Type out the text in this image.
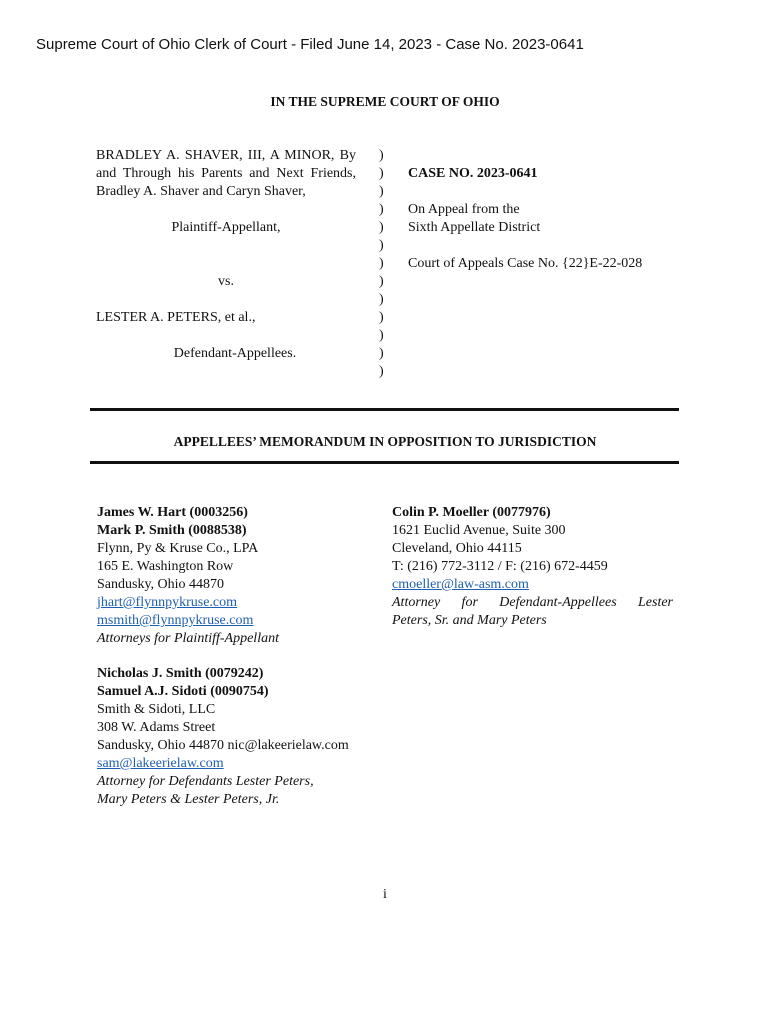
Supreme Court of Ohio Clerk of Court - Filed June 14, 2023 - Case No. 2023-0641
IN THE SUPREME COURT OF OHIO
BRADLEY A. SHAVER, III, A MINOR, By and Through his Parents and Next Friends, Bradley A. Shaver and Caryn Shaver,
Plaintiff-Appellant,
vs.
LESTER A. PETERS, et al.,
Defendant-Appellees.
)
)
)
)
)
)
)
)
)
)
)
)
)
CASE NO. 2023-0641
On Appeal from the
Sixth Appellate District
Court of Appeals Case No. {22}E-22-028
APPELLEES’ MEMORANDUM IN OPPOSITION TO JURISDICTION
James W. Hart (0003256)
Mark P. Smith (0088538)
Flynn, Py & Kruse Co., LPA
165 E. Washington Row
Sandusky, Ohio 44870
jhart@flynnpykruse.com
msmith@flynnpykruse.com
Attorneys for Plaintiff-Appellant
Colin P. Moeller (0077976)
1621 Euclid Avenue, Suite 300
Cleveland, Ohio 44115
T: (216) 772-3112 / F: (216) 672-4459
cmoeller@law-asm.com
Attorney for Defendant-Appellees Lester
Peters, Sr. and Mary Peters
Nicholas J. Smith (0079242)
Samuel A.J. Sidoti (0090754)
Smith & Sidoti, LLC
308 W. Adams Street
Sandusky, Ohio 44870 nic@lakeerielaw.com
sam@lakeerielaw.com
Attorney for Defendants Lester Peters,
Mary Peters & Lester Peters, Jr.
i
